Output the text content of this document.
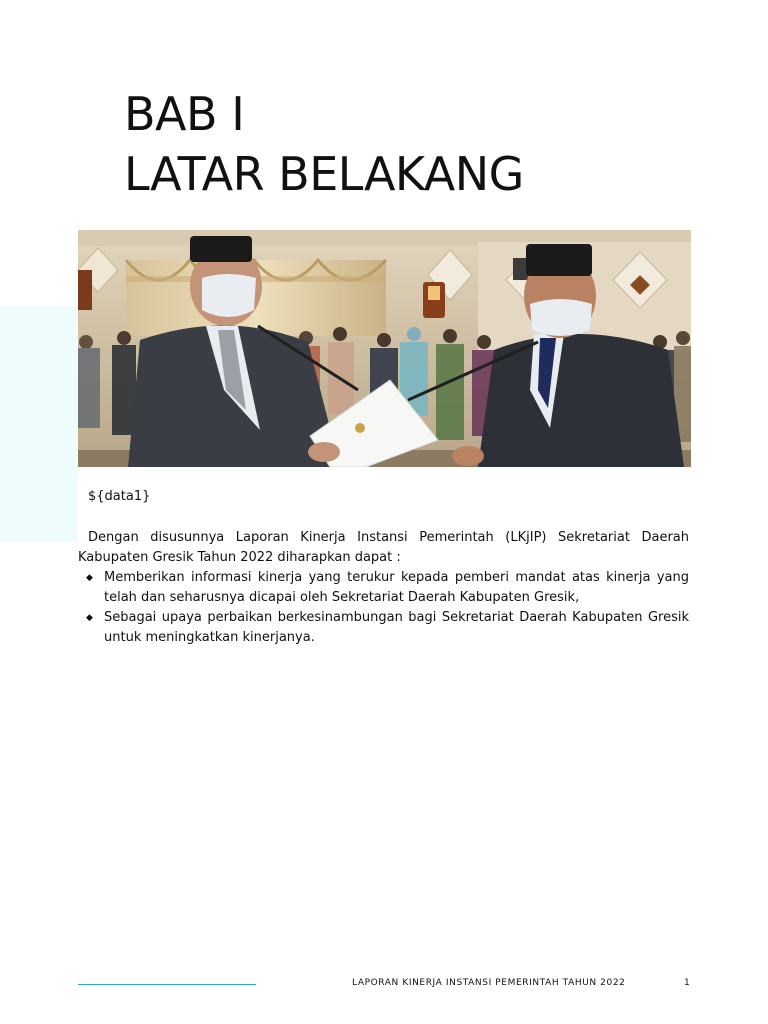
BAB I
LATAR BELAKANG

${data1}

Dengan disusunnya Laporan Kinerja Instansi Pemerintah (LKjIP) Sekretariat Daerah Kabupaten Gresik Tahun 2022 diharapkan dapat :

◆ Memberikan informasi kinerja yang terukur kepada pemberi mandat atas kinerja yang telah dan seharusnya dicapai oleh Sekretariat Daerah Kabupaten Gresik,
◆ Sebagai upaya perbaikan berkesinambungan bagi Sekretariat Daerah Kabupaten Gresik untuk meningkatkan kinerjanya.
LAPORAN KINERJA INSTANSI PEMERINTAH TAHUN 2022	1
